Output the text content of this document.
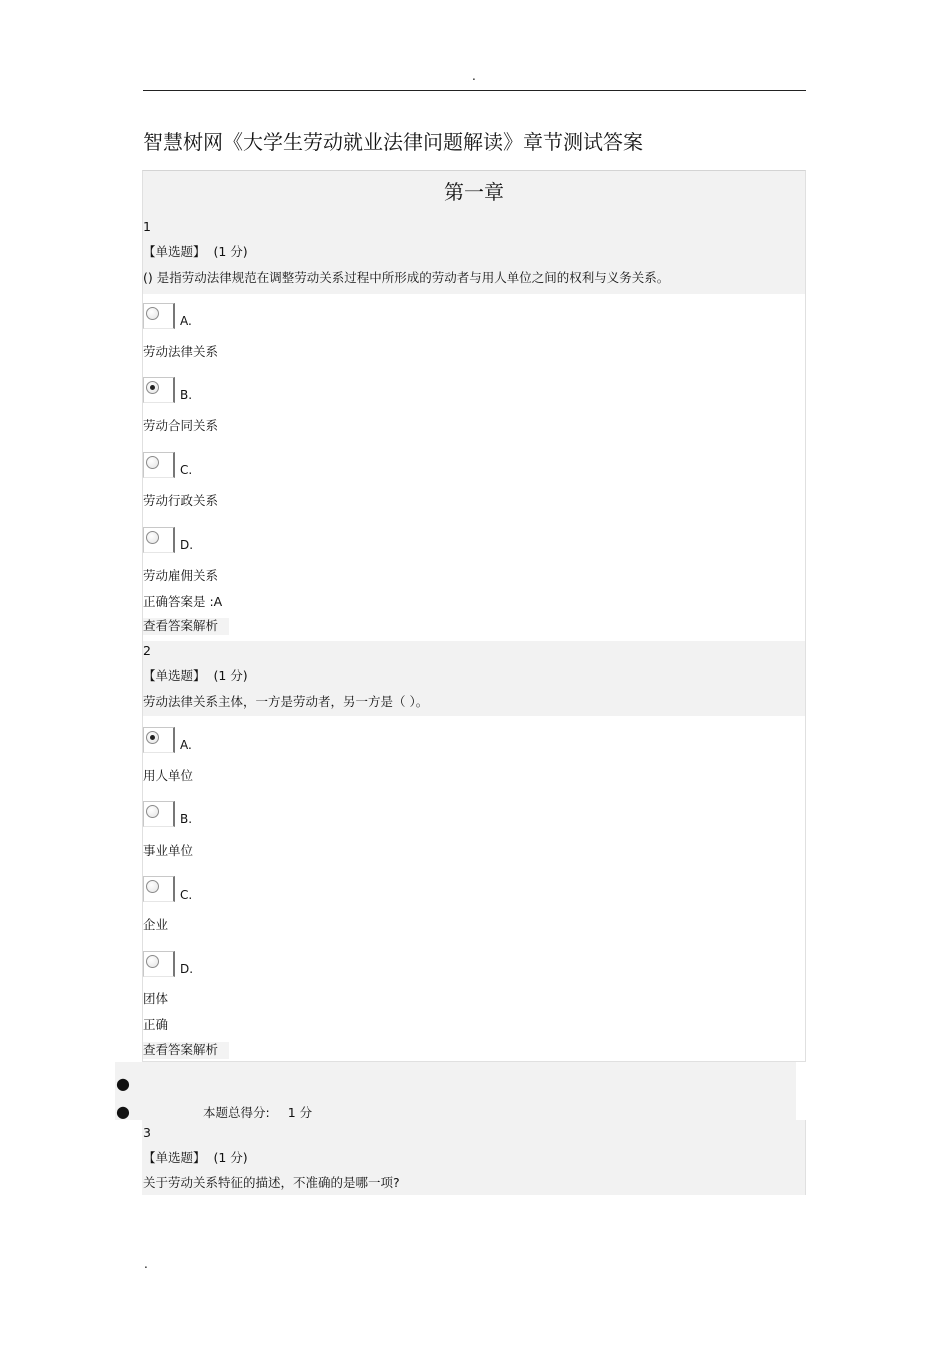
.
智慧树网《大学生劳动就业法律问题解读》章节测试答案
第一章
1
【单选题】 (1 分)
() 是指劳动法律规范在调整劳动关系过程中所形成的劳动者与用人单位之间的权利与义务关系。
A.
劳动法律关系
B.
劳动合同关系
C.
劳动行政关系
D.
劳动雇佣关系
正确答案是 :A
查看答案解析
2
【单选题】 (1 分)
劳动法律关系主体，一方是劳动者，另一方是（ ）。
A.
用人单位
B.
事业单位
C.
企业
D.
团体
正确
查看答案解析
●
●	本题总得分: 1 分
3
【单选题】 (1 分)
关于劳动关系特征的描述，不准确的是哪一项?
.
